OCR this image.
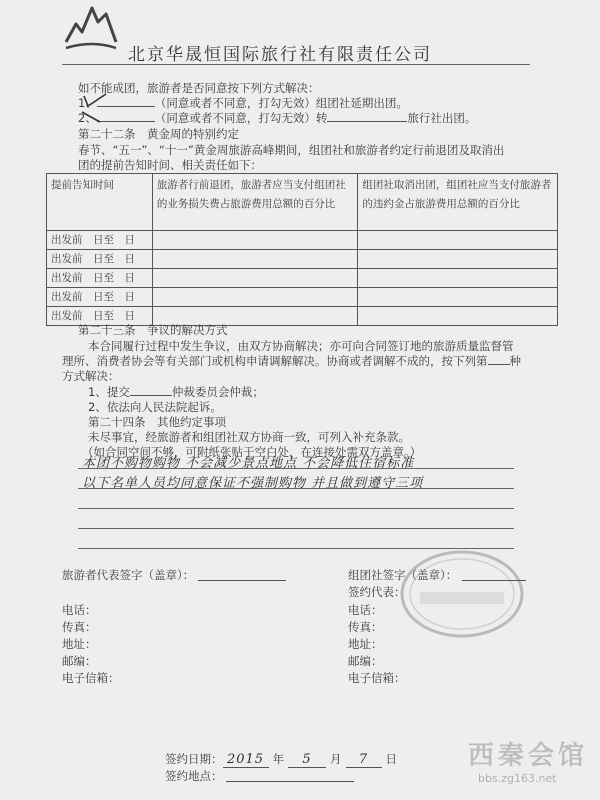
北京华晟恒国际旅行社有限责任公司
如不能成团，旅游者是否同意按下列方式解决：
1、	（同意或者不同意，打勾无效）组团社延期出团。
2、	（同意或者不同意，打勾无效）转	旅行社出团。
第二十二条　黄金周的特别约定
春节、“五一”、“十一”黄金周旅游高峰期间，组团社和旅游者约定行前退团及取消出
团的提前告知时间、相关责任如下：
提前告知时间	旅游者行前退团，旅游者应当支付组团社的业务损失费占旅游费用总额的百分比	组团社取消出团，组团社应当支付旅游者的违约金占旅游费用总额的百分比
出发前　日至　日		
出发前　日至　日		
出发前　日至　日		
出发前　日至　日		
出发前　日至　日		
第二十三条　争议的解决方式
本合同履行过程中发生争议，由双方协商解决；亦可向合同签订地的旅游质量监督管
理所、消费者协会等有关部门或机构申请调解解决。协商或者调解不成的，按下列第 种
方式解决：
1、提交	仲裁委员会仲裁；
2、依法向人民法院起诉。
第二十四条　其他约定事项
未尽事宜，经旅游者和组团社双方协商一致，可列入补充条款。
（如合同空间不够，可附纸张贴于空白处，在连接处需双方盖章。）
本团不购物购物 不会减少景点地点 不会降低住宿标准
以下名单人员均同意保证不强制购物 并且做到遵守三项
旅游者代表签字（盖章）：
电话：
传真：
地址：
邮编：
电子信箱：
组团社签字（盖章）：
签约代表：
电话：
传真：
地址：
邮编：
电子信箱：
签约日期： 2015 年 5 月 7 日
签约地点：
西秦会馆
bbs.zg163.net
